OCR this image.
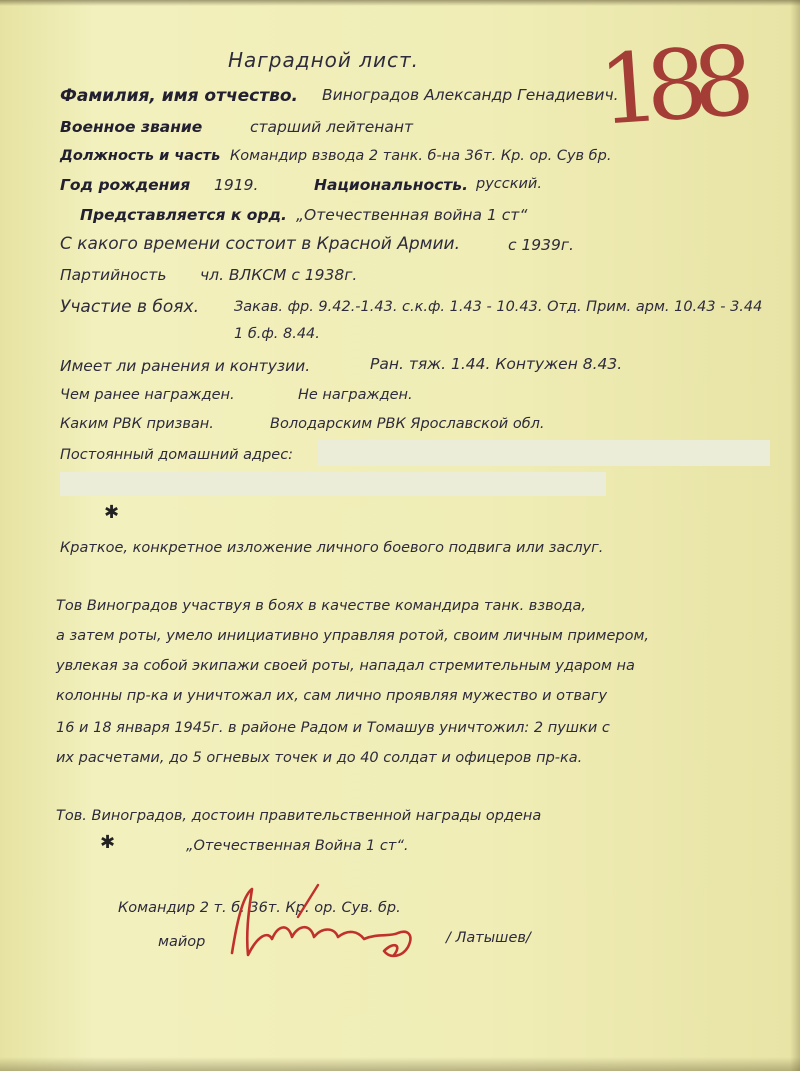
188
Наградной лист.
Фамилия, имя отчество. Виноградов Александр Генадиевич.
Военное звание	старший лейтенант
Должность и часть Командир взвода 2 танк. б-на 36т. Кр. ор. Сув бр.
Год рождения 1919.	Национальность. русский.
Представляется к орд. „Отечественная война 1 ст“
С какого времени состоит в Красной Армии.	с 1939г.
Партийность чл. ВЛКСМ с 1938г.
Участие в боях. Закав. фр. 9.42.-1.43. с.к.ф. 1.43 - 10.43. Отд. Прим. арм. 10.43 - 3.44
1 б.ф. 8.44.
Имеет ли ранения и контузии.	Ран. тяж. 1.44. Контужен 8.43.
Чем ранее награжден.	Не награжден.
Каким РВК призван.	Володарским РВК Ярославской обл.
Постоянный домашний адрес:
✱
✱
Краткое, конкретное изложение личного боевого подвига или заслуг.
Тов Виноградов участвуя в боях в качестве командира танк. взвода,
а затем роты, умело инициативно управляя ротой, своим личным примером,
увлекая за собой экипажи своей роты, нападал стремительным ударом на
колонны пр-ка и уничтожал их, сам лично проявляя мужество и отвагу
16 и 18 января 1945г. в районе Радом и Томашув уничтожил: 2 пушки с
их расчетами, до 5 огневых точек и до 40 солдат и офицеров пр-ка.
Тов. Виноградов, достоин правительственной награды ордена
„Отечественная Война 1 ст“.
Командир 2 т. б. 36т. Кр. ор. Сув. бр.
майор	/ Латышев/
